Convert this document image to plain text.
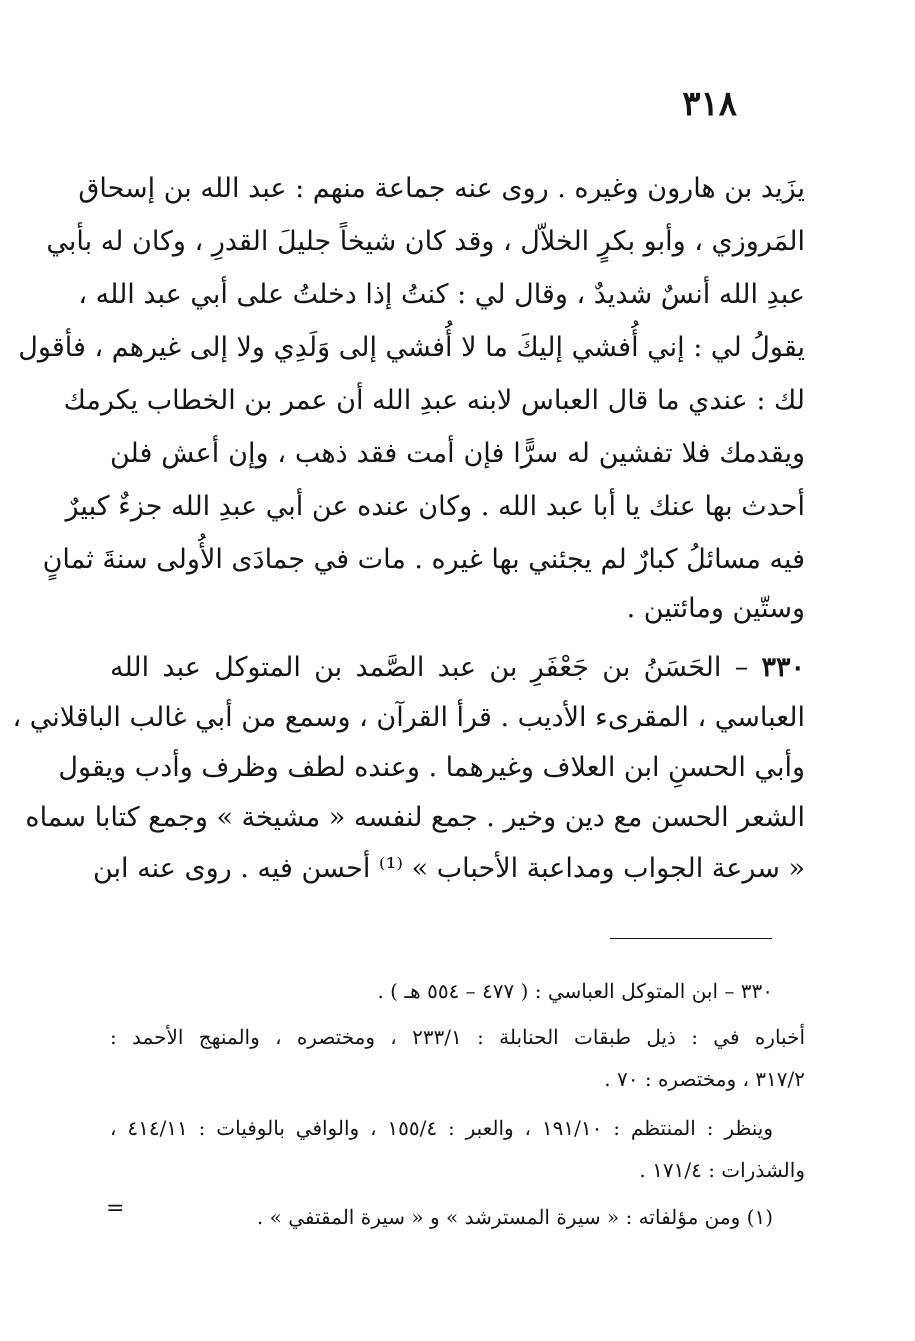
٣١٨
يزَيد بن هارون وغيره . روى عنه جماعة منهم : عبد الله بن إسحاق
المَروزي ، وأبو بكرٍ الخلاّل ، وقد كان شيخاً جليلَ القدرِ ، وكان له بأبي
عبدِ الله أنسٌ شديدٌ ، وقال لي : كنتُ إذا دخلتُ على أبي عبد الله ،
يقولُ لي : إني أُفشي إليكَ ما لا أُفشي إلى وَلَدِي ولا إلى غيرهم ، فأقول
لك : عندي ما قال العباس لابنه عبدِ الله أن عمر بن الخطاب يكرمك
ويقدمك فلا تفشين له سرًّا فإن أمت فقد ذهب ، وإن أعش فلن
أحدث بها عنك يا أبا عبد الله . وكان عنده عن أبي عبدِ الله جزءٌ كبيرٌ
فيه مسائلُ كبارٌ لم يجئني بها غيره . مات في جمادَى الأُولى سنةَ ثمانٍ
وستّين ومائتين .
٣٣٠ – الحَسَنُ بن جَعْفَرِ بن عبد الصَّمد بن المتوكل عبد الله
العباسي ، المقرىء الأديب . قرأ القرآن ، وسمع من أبي غالب الباقلاني ،
وأبي الحسنِ ابن العلاف وغيرهما . وعنده لطف وظرف وأدب ويقول
الشعر الحسن مع دين وخير . جمع لنفسه « مشيخة » وجمع كتابا سماه
« سرعة الجواب ومداعبة الأحباب » ⁽¹⁾ أحسن فيه . روى عنه ابن
٣٣٠ – ابن المتوكل العباسي : ( ٤٧٧ – ٥٥٤ هـ ) .
أخباره في : ذيل طبقات الحنابلة : ٢٣٣/١ ، ومختصره ، والمنهج الأحمد :
٣١٧/٢ ، ومختصره : ٧٠ .
وينظر : المنتظم : ١٩١/١٠ ، والعبر : ١٥٥/٤ ، والوافي بالوفيات : ٤١٤/١١ ،
والشذرات : ١٧١/٤ .
(١) ومن مؤلفاته : « سيرة المسترشد » و « سيرة المقتفي » .
=
